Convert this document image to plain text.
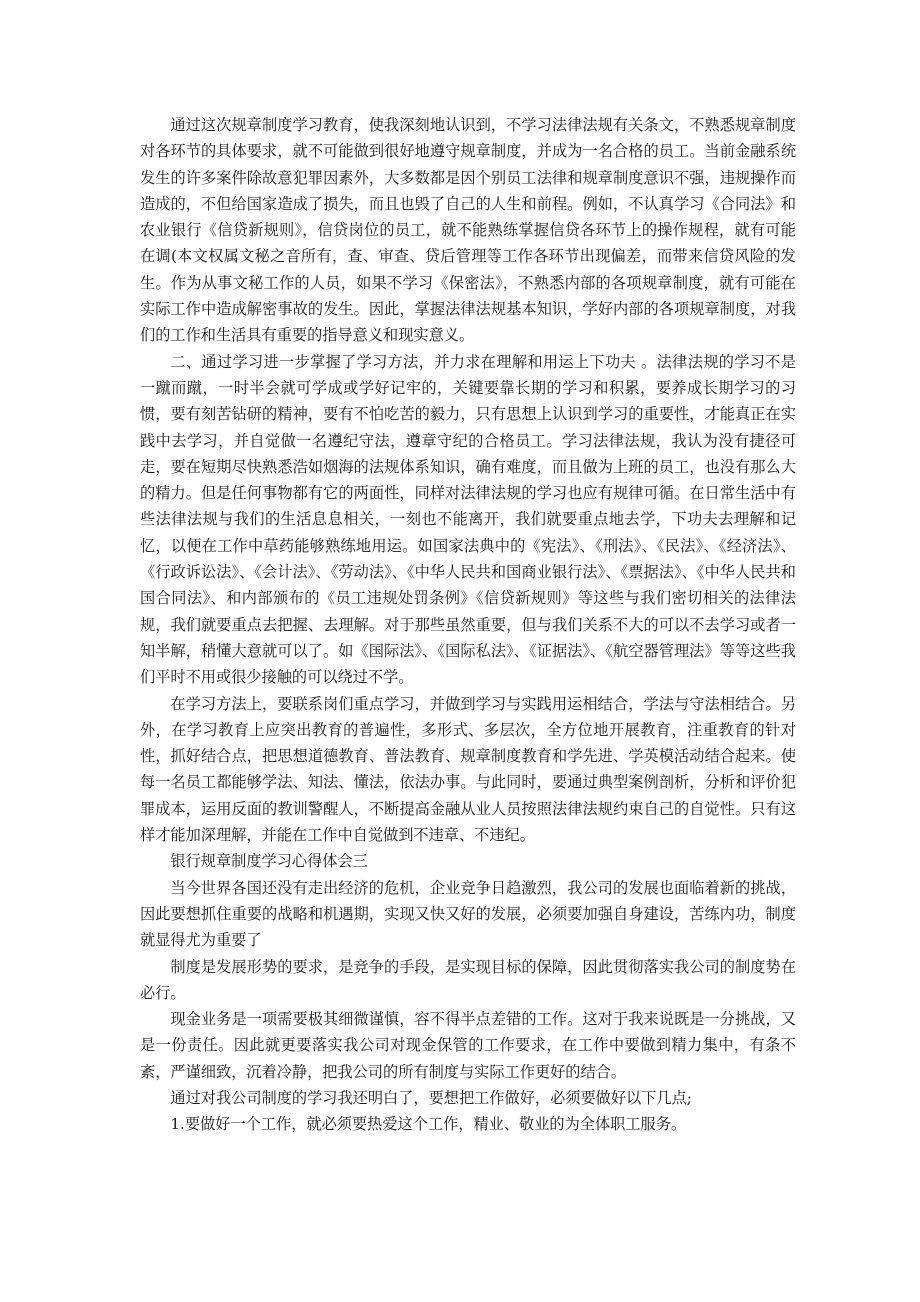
通过这次规章制度学习教育，使我深刻地认识到，不学习法律法规有关条文，不熟悉规章制度对各环节的具体要求，就不可能做到很好地遵守规章制度，并成为一名合格的员工。当前金融系统发生的许多案件除故意犯罪因素外，大多数都是因个别员工法律和规章制度意识不强，违规操作而造成的，不但给国家造成了损失，而且也毁了自己的人生和前程。例如，不认真学习《合同法》和农业银行《信贷新规则》，信贷岗位的员工，就不能熟练掌握信贷各环节上的操作规程，就有可能在调(本文权属文秘之音所有，查、审查、贷后管理等工作各环节出现偏差，而带来信贷风险的发生。作为从事文秘工作的人员，如果不学习《保密法》，不熟悉内部的各项规章制度，就有可能在实际工作中造成解密事故的发生。因此，掌握法律法规基本知识，学好内部的各项规章制度，对我们的工作和生活具有重要的指导意义和现实意义。

二、通过学习进一步掌握了学习方法，并力求在理解和用运上下功夫 。法律法规的学习不是一蹴而蹴，一时半会就可学成或学好记牢的，关键要靠长期的学习和积累，要养成长期学习的习惯，要有刻苦钻研的精神，要有不怕吃苦的毅力，只有思想上认识到学习的重要性，才能真正在实践中去学习，并自觉做一名遵纪守法，遵章守纪的合格员工。学习法律法规，我认为没有捷径可走，要在短期尽快熟悉浩如烟海的法规体系知识，确有难度，而且做为上班的员工，也没有那么大的精力。但是任何事物都有它的两面性，同样对法律法规的学习也应有规律可循。在日常生活中有些法律法规与我们的生活息息相关，一刻也不能离开，我们就要重点地去学，下功夫去理解和记忆，以便在工作中草药能够熟练地用运。如国家法典中的《宪法》、《刑法》、《民法》、《经济法》、《行政诉讼法》、《会计法》、《劳动法》、《中华人民共和国商业银行法》、《票据法》、《中华人民共和国合同法》、和内部颁布的《员工违规处罚条例》《信贷新规则》等这些与我们密切相关的法律法规，我们就要重点去把握、去理解。对于那些虽然重要，但与我们关系不大的可以不去学习或者一知半解，稍懂大意就可以了。如《国际法》、《国际私法》、《证据法》、《航空器管理法》等等这些我们平时不用或很少接触的可以绕过不学。

在学习方法上，要联系岗们重点学习，并做到学习与实践用运相结合，学法与守法相结合。另外，在学习教育上应突出教育的普遍性，多形式、多层次，全方位地开展教育，注重教育的针对性，抓好结合点，把思想道德教育、普法教育、规章制度教育和学先进、学英模活动结合起来。使每一名员工都能够学法、知法、懂法，依法办事。与此同时，要通过典型案例剖析，分析和评价犯罪成本，运用反面的教训警醒人，不断提高金融从业人员按照法律法规约束自己的自觉性。只有这样才能加深理解，并能在工作中自觉做到不违章、不违纪。

银行规章制度学习心得体会三

当今世界各国还没有走出经济的危机，企业竞争日趋激烈，我公司的发展也面临着新的挑战，因此要想抓住重要的战略和机遇期，实现又快又好的发展，必须要加强自身建设，苦练内功，制度就显得尤为重要了

制度是发展形势的要求，是竞争的手段，是实现目标的保障，因此贯彻落实我公司的制度势在必行。

现金业务是一项需要极其细微谨慎，容不得半点差错的工作。这对于我来说既是一分挑战，又是一份责任。因此就更要落实我公司对现金保管的工作要求，在工作中要做到精力集中，有条不紊，严谨细致，沉着冷静，把我公司的所有制度与实际工作更好的结合。

通过对我公司制度的学习我还明白了，要想把工作做好，必须要做好以下几点;

1.要做好一个工作，就必须要热爱这个工作，精业、敬业的为全体职工服务。
